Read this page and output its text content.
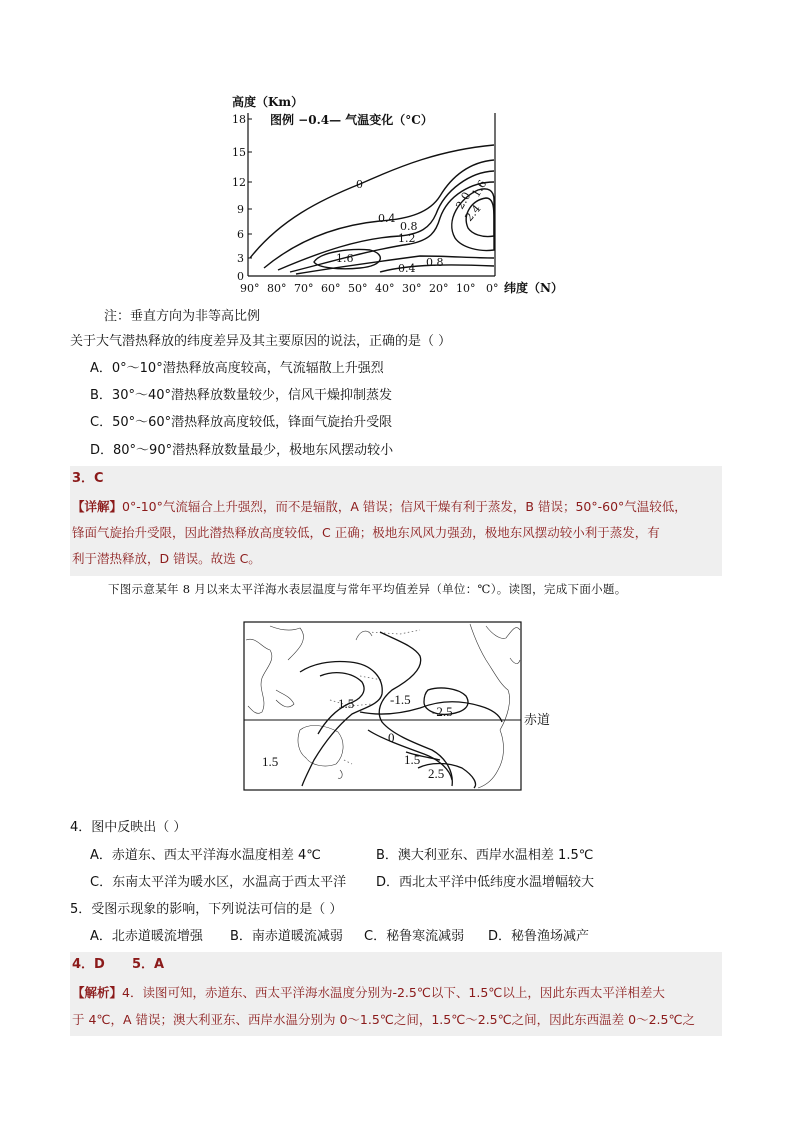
高度（Km）
图例 −0.4— 气温变化（°C）
18
15
12
9
6
3
0
90° 80° 70° 60° 50° 40° 30° 20° 10° 0° 纬度（N）
0
0.4
0.8
1.2
1.6
2.0
1.6
2.4
0.4 0.8
注：垂直方向为非等高比例
关于大气潜热释放的纬度差异及其主要原因的说法，正确的是（ ）
A．0°～10°潜热释放高度较高，气流辐散上升强烈
B．30°～40°潜热释放数量较少，信风干燥抑制蒸发
C．50°～60°潜热释放高度较低，锋面气旋抬升受限
D．80°～90°潜热释放数量最少，极地东风摆动较小
3．C
【详解】0°-10°气流辐合上升强烈，而不是辐散，A 错误；信风干燥有利于蒸发，B 错误；50°-60°气温较低，
锋面气旋抬升受限，因此潜热释放高度较低，C 正确；极地东风风力强劲，极地东风摆动较小利于蒸发，有
利于潜热释放，D 错误。故选 C。
下图示意某年 8 月以来太平洋海水表层温度与常年平均值差异（单位：℃）。读图，完成下面小题。
赤道
1.5	-1.5
-2.5
0
1.5	1.5
2.5
4．图中反映出（ ）
A．赤道东、西太平洋海水温度相差 4℃	B．澳大利亚东、西岸水温相差 1.5℃
C．东南太平洋为暖水区，水温高于西太平洋 D．西北太平洋中低纬度水温增幅较大
5．受图示现象的影响，下列说法可信的是（ ）
A．北赤道暖流增强 B．南赤道暖流减弱 C．秘鲁寒流减弱 D．秘鲁渔场减产
4．D      5．A
【解析】4．读图可知，赤道东、西太平洋海水温度分别为-2.5℃以下、1.5℃以上，因此东西太平洋相差大
于 4℃，A 错误；澳大利亚东、西岸水温分别为 0～1.5℃之间，1.5℃～2.5℃之间，因此东西温差 0～2.5℃之
